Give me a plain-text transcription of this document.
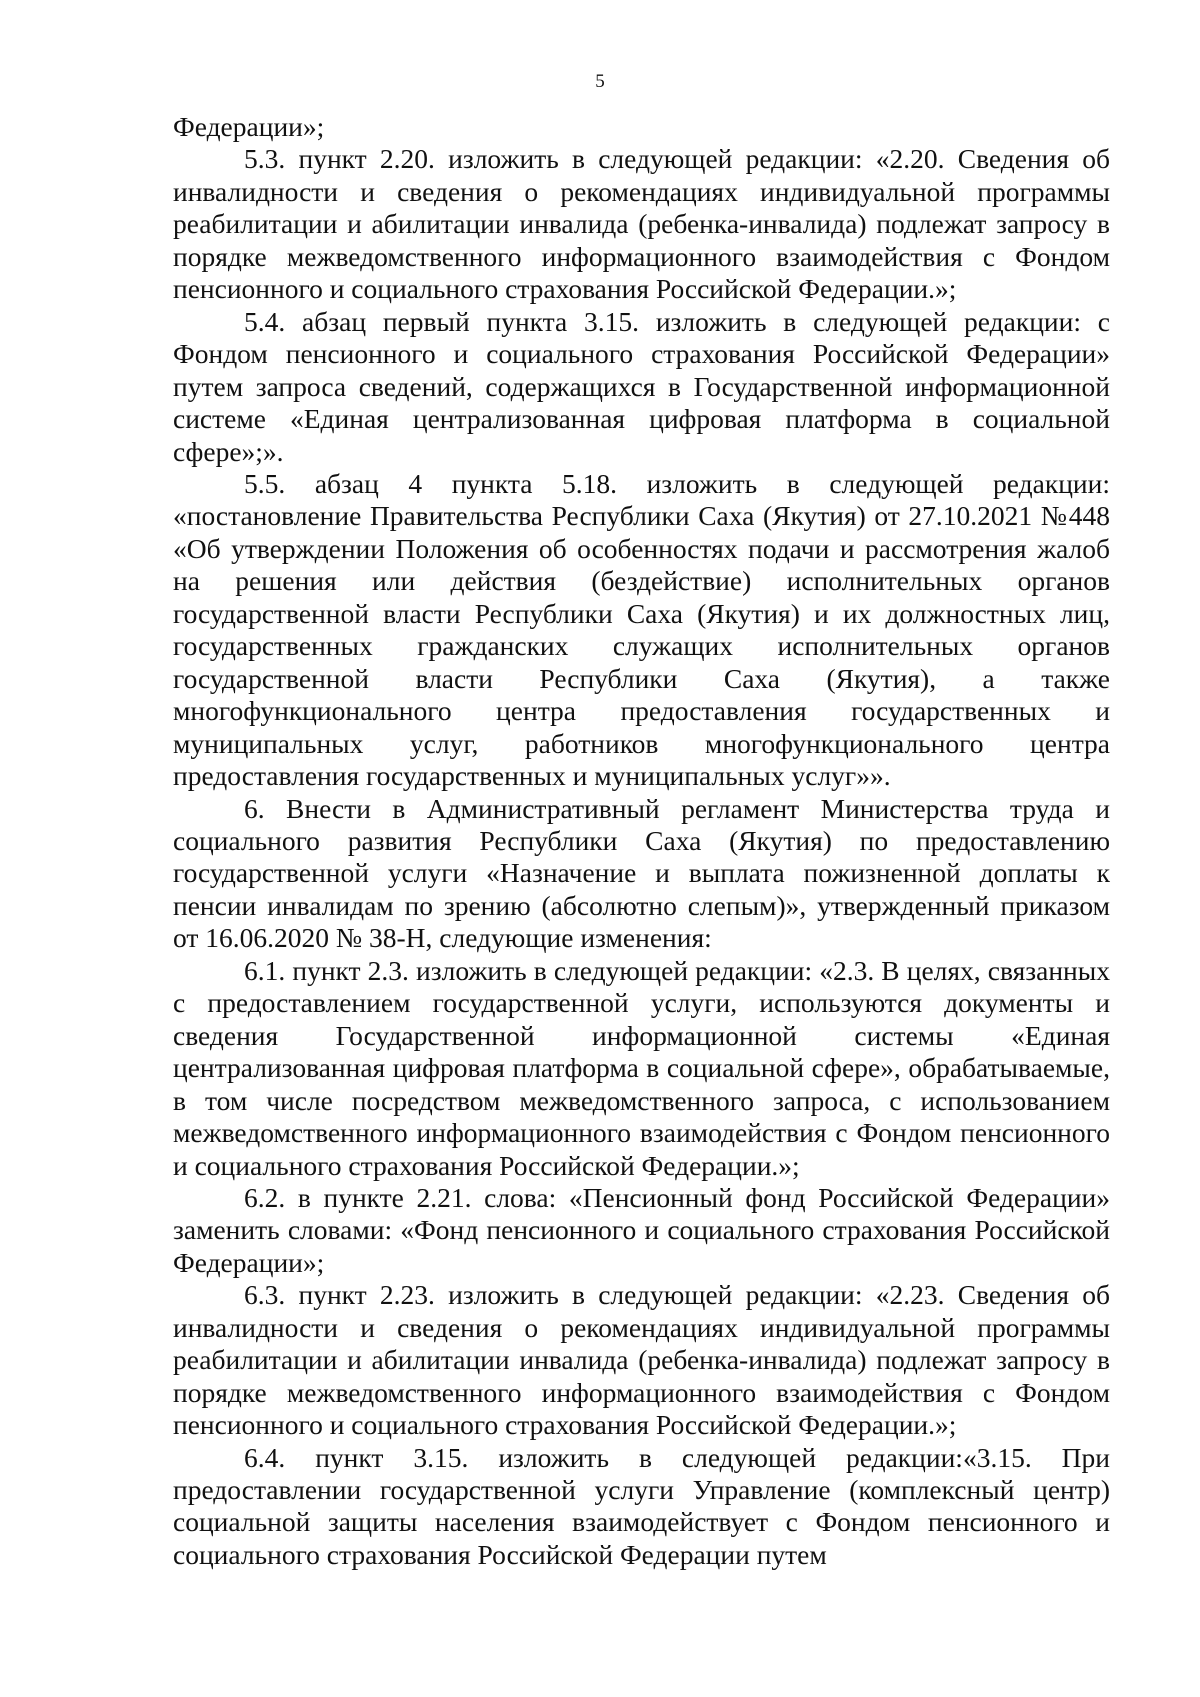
5

Федерации»;

5.3. пункт 2.20. изложить в следующей редакции: «2.20. Сведения об инвалидности и сведения о рекомендациях индивидуальной программы реабилитации и абилитации инвалида (ребенка-инвалида) подлежат запросу в порядке межведомственного информационного взаимодействия с Фондом пенсионного и социального страхования Российской Федерации.»;

5.4. абзац первый пункта 3.15. изложить в следующей редакции: с Фондом пенсионного и социального страхования Российской Федерации» путем запроса сведений, содержащихся в Государственной информационной системе «Единая централизованная цифровая платформа в социальной сфере»;».

5.5. абзац 4 пункта 5.18. изложить в следующей редакции: «постановление Правительства Республики Саха (Якутия) от 27.10.2021 №448 «Об утверждении Положения об особенностях подачи и рассмотрения жалоб на решения или действия (бездействие) исполнительных органов государственной власти Республики Саха (Якутия) и их должностных лиц, государственных гражданских служащих исполнительных органов государственной власти Республики Саха (Якутия), а также многофункционального центра предоставления государственных и муниципальных услуг, работников многофункционального центра предоставления государственных и муниципальных услуг»».

6. Внести в Административный регламент Министерства труда и социального развития Республики Саха (Якутия) по предоставлению государственной услуги «Назначение и выплата пожизненной доплаты к пенсии инвалидам по зрению (абсолютно слепым)», утвержденный приказом от 16.06.2020 № 38-Н, следующие изменения:

6.1. пункт 2.3. изложить в следующей редакции: «2.3. В целях, связанных с предоставлением государственной услуги, используются документы и сведения Государственной информационной системы «Единая централизованная цифровая платформа в социальной сфере», обрабатываемые, в том числе посредством межведомственного запроса, с использованием межведомственного информационного взаимодействия с Фондом пенсионного и социального страхования Российской Федерации.»;

6.2. в пункте 2.21. слова: «Пенсионный фонд Российской Федерации» заменить словами: «Фонд пенсионного и социального страхования Российской Федерации»;

6.3. пункт 2.23. изложить в следующей редакции: «2.23. Сведения об инвалидности и сведения о рекомендациях индивидуальной программы реабилитации и абилитации инвалида (ребенка-инвалида) подлежат запросу в порядке межведомственного информационного взаимодействия с Фондом пенсионного и социального страхования Российской Федерации.»;

6.4. пункт 3.15. изложить в следующей редакции:«3.15. При предоставлении государственной услуги Управление (комплексный центр) социальной защиты населения взаимодействует с Фондом пенсионного и социального страхования Российской Федерации путем
